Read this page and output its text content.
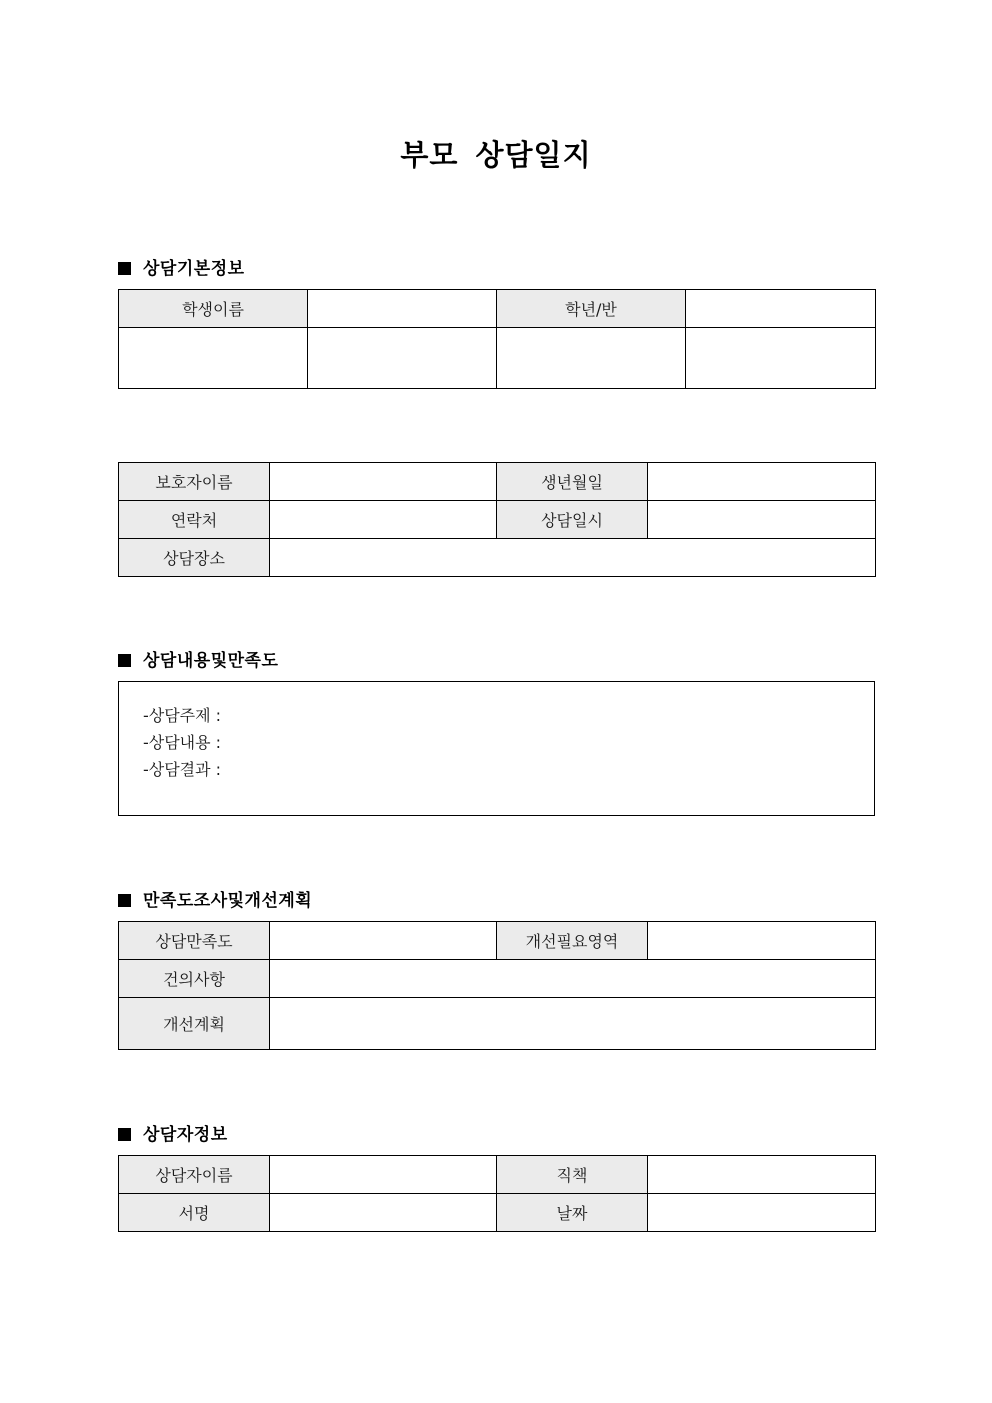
부모 상담일지
상담기본정보
학생이름		학년/반	

보호자이름		생년월일	
연락처		상담일시	
상담장소			
상담내용및만족도
-상담주제 :
-상담내용 :
-상담결과 :
만족도조사및개선계획
상담만족도		개선필요영역	
건의사항			
개선계획			
상담자정보
상담자이름		직책	
서명		날짜	
